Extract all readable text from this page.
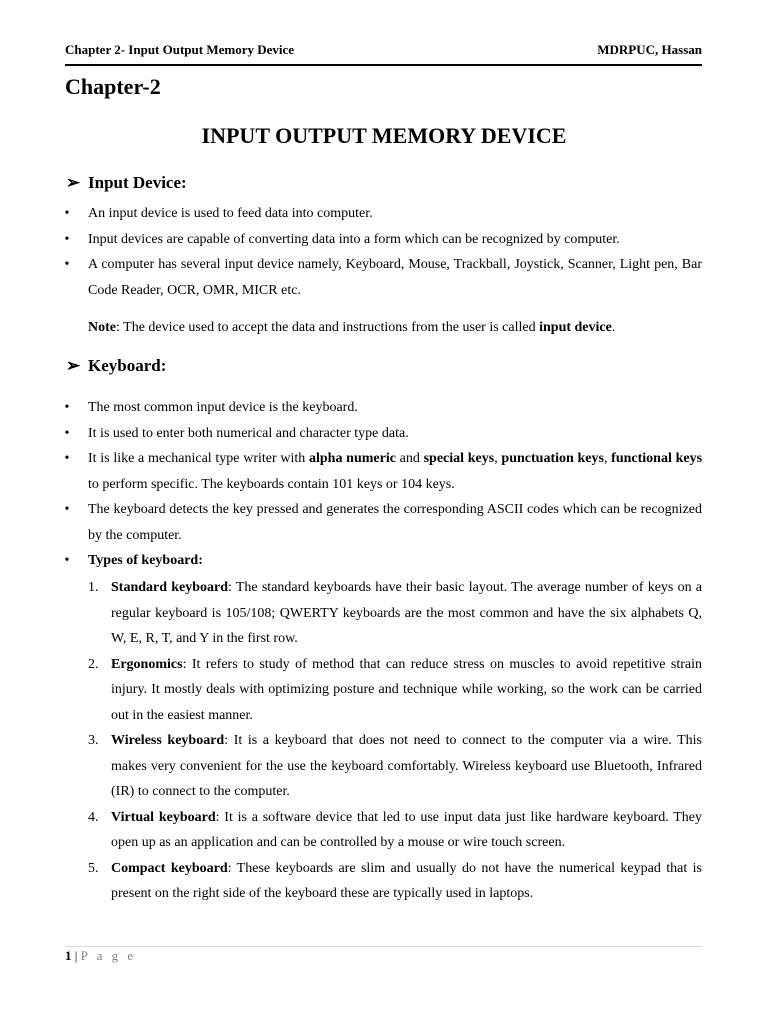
Chapter 2- Input Output Memory Device	MDRPUC, Hassan
Chapter-2
INPUT OUTPUT MEMORY DEVICE
➢ Input Device:
• An input device is used to feed data into computer.
• Input devices are capable of converting data into a form which can be recognized by computer.
• A computer has several input device namely, Keyboard, Mouse, Trackball, Joystick, Scanner, Light pen, Bar Code Reader, OCR, OMR, MICR etc.
Note: The device used to accept the data and instructions from the user is called input device.
➢ Keyboard:
• The most common input device is the keyboard.
• It is used to enter both numerical and character type data.
• It is like a mechanical type writer with alpha numeric and special keys, punctuation keys, functional keys to perform specific. The keyboards contain 101 keys or 104 keys.
• The keyboard detects the key pressed and generates the corresponding ASCII codes which can be recognized by the computer.
• Types of keyboard:
1. Standard keyboard: The standard keyboards have their basic layout. The average number of keys on a regular keyboard is 105/108; QWERTY keyboards are the most common and have the six alphabets Q, W, E, R, T, and Y in the first row.
2. Ergonomics: It refers to study of method that can reduce stress on muscles to avoid repetitive strain injury. It mostly deals with optimizing posture and technique while working, so the work can be carried out in the easiest manner.
3. Wireless keyboard: It is a keyboard that does not need to connect to the computer via a wire. This makes very convenient for the use the keyboard comfortably. Wireless keyboard use Bluetooth, Infrared (IR) to connect to the computer.
4. Virtual keyboard: It is a software device that led to use input data just like hardware keyboard. They open up as an application and can be controlled by a mouse or wire touch screen.
5. Compact keyboard: These keyboards are slim and usually do not have the numerical keypad that is present on the right side of the keyboard these are typically used in laptops.
1 | P a g e
